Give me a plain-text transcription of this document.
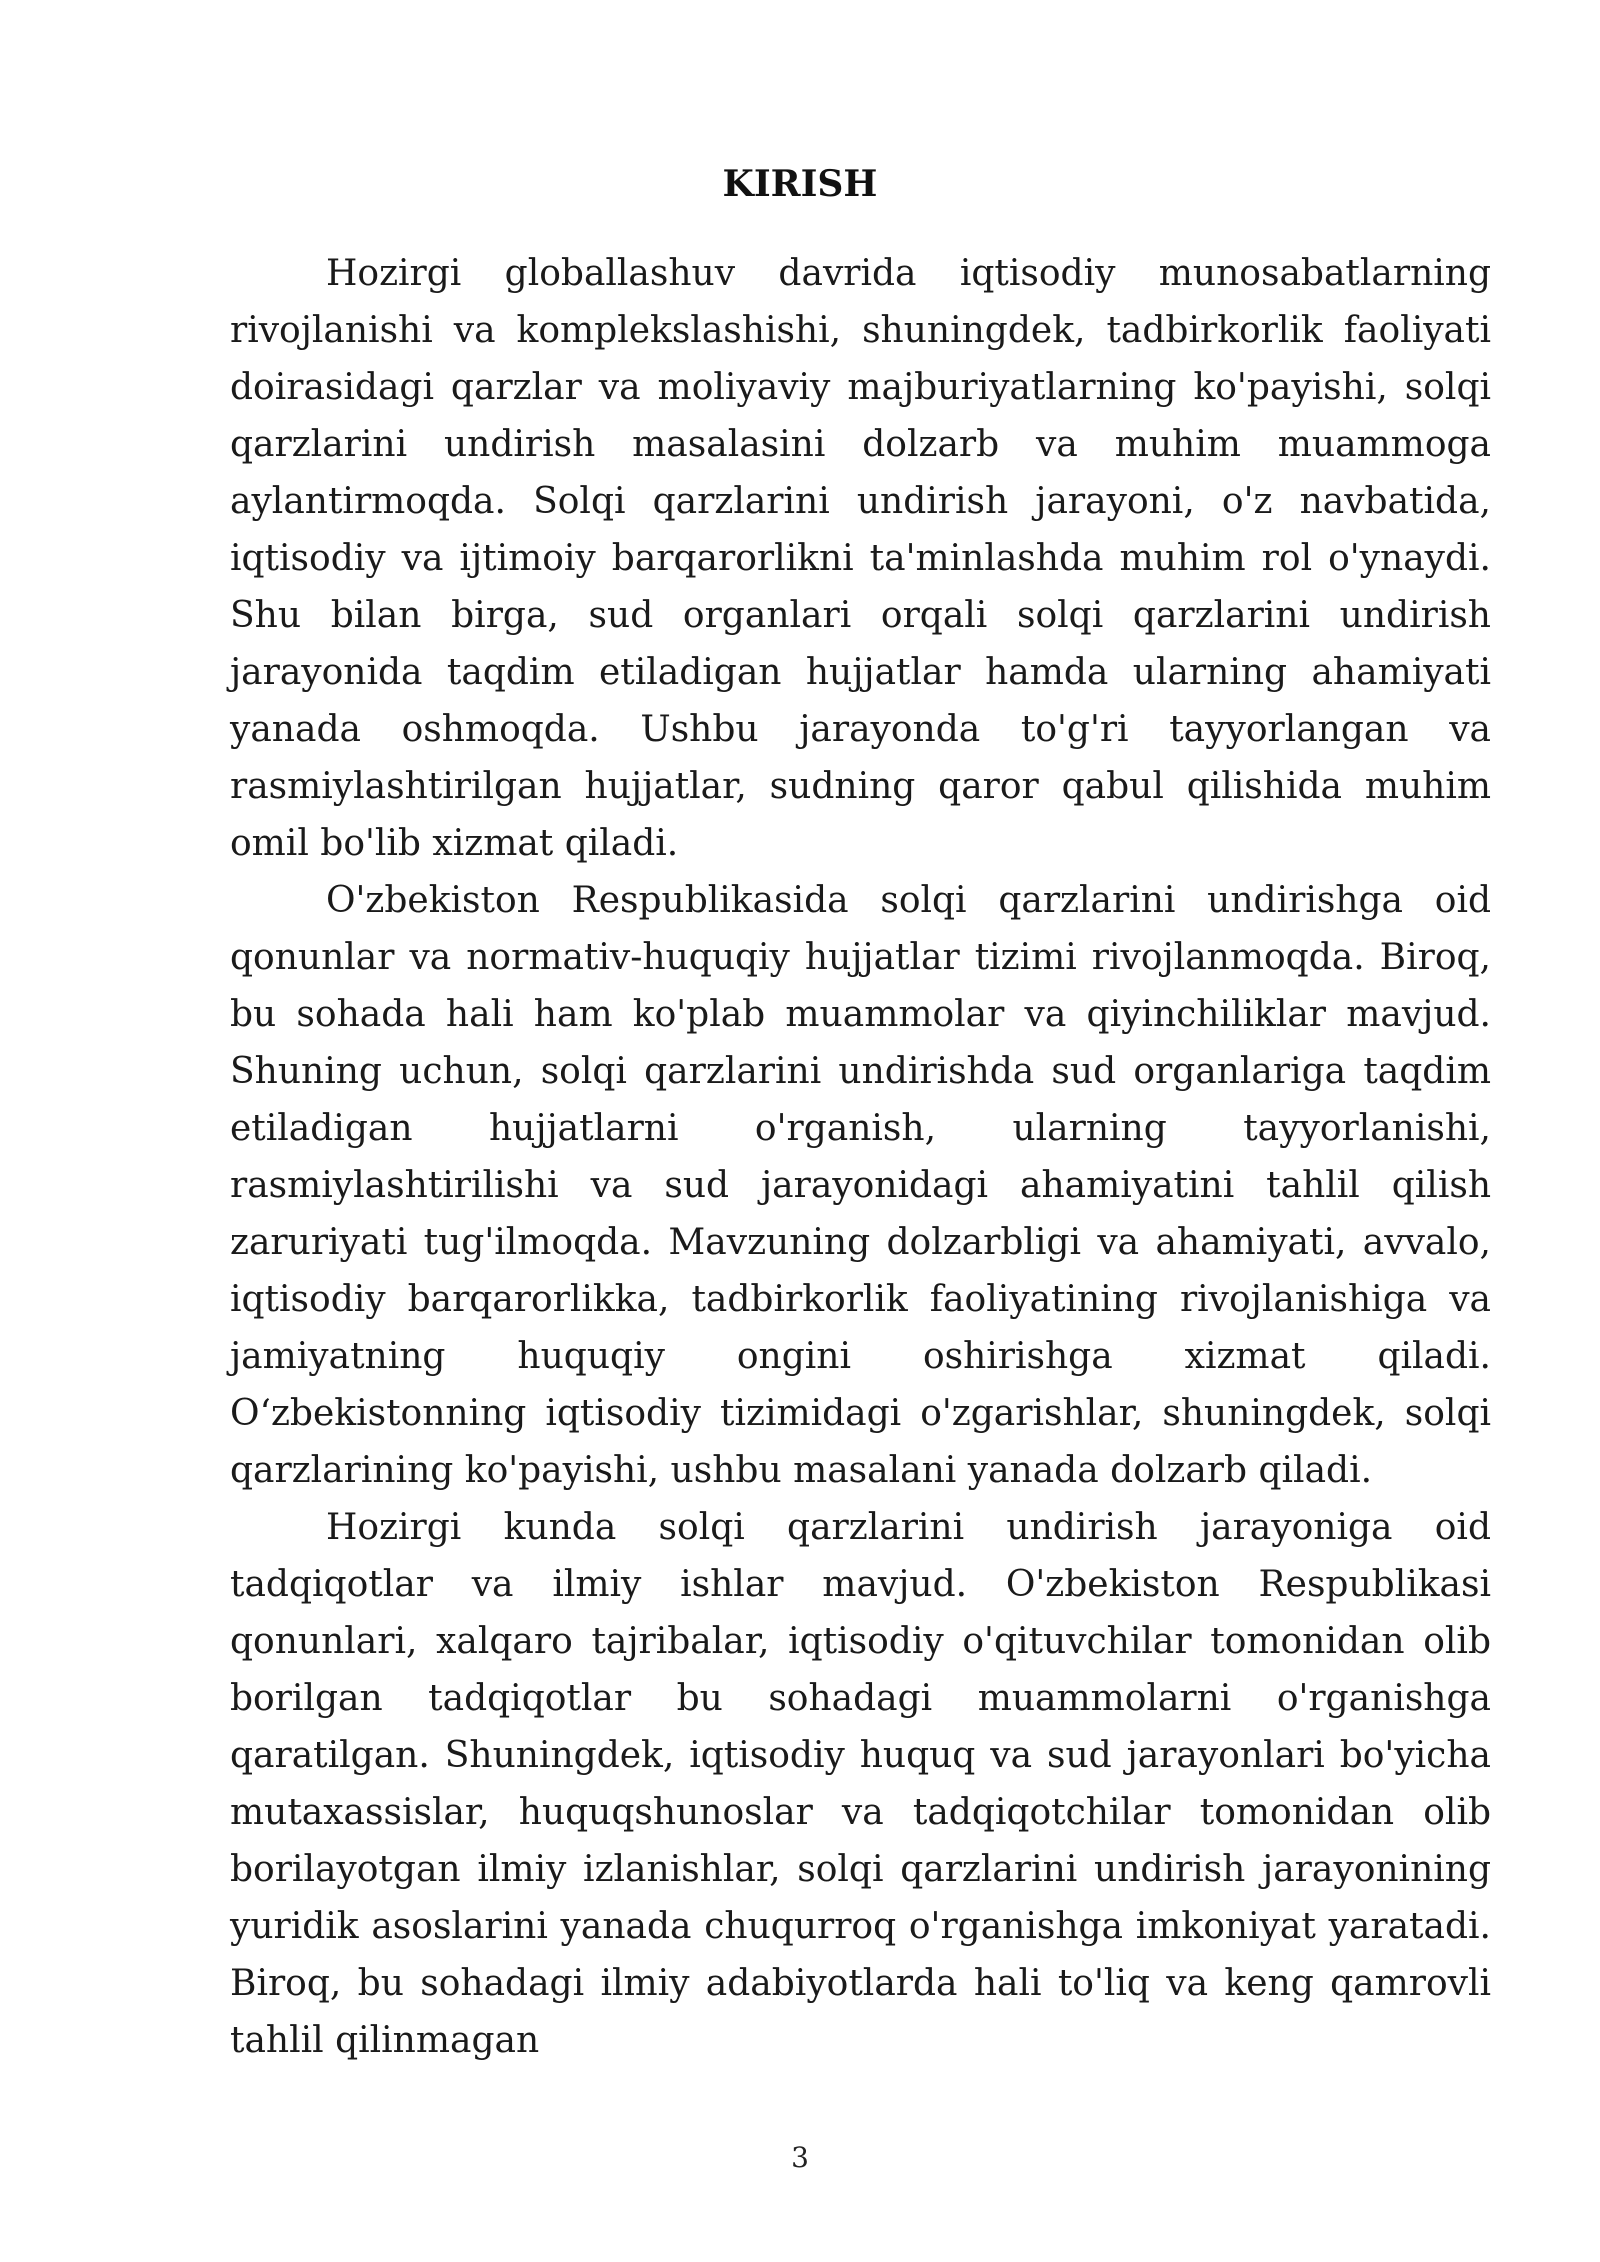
KIRISH

Hozirgi globallashuv davrida iqtisodiy munosabatlarning rivojlanishi va komplekslashishi, shuningdek, tadbirkorlik faoliyati doirasidagi qarzlar va moliyaviy majburiyatlarning ko'payishi, solqi qarzlarini undirish masalasini dolzarb va muhim muammoga aylantirmoqda. Solqi qarzlarini undirish jarayoni, o'z navbatida, iqtisodiy va ijtimoiy barqarorlikni ta'minlashda muhim rol o'ynaydi. Shu bilan birga, sud organlari orqali solqi qarzlarini undirish jarayonida taqdim etiladigan hujjatlar hamda ularning ahamiyati yanada oshmoqda. Ushbu jarayonda to'g'ri tayyorlangan va rasmiylashtirilgan hujjatlar, sudning qaror qabul qilishida muhim omil bo'lib xizmat qiladi.

O'zbekiston Respublikasida solqi qarzlarini undirishga oid qonunlar va normativ-huquqiy hujjatlar tizimi rivojlanmoqda. Biroq, bu sohada hali ham ko'plab muammolar va qiyinchiliklar mavjud. Shuning uchun, solqi qarzlarini undirishda sud organlariga taqdim etiladigan hujjatlarni o'rganish, ularning tayyorlanishi, rasmiylashtirilishi va sud jarayonidagi ahamiyatini tahlil qilish zaruriyati tug'ilmoqda. Mavzuning dolzarbligi va ahamiyati, avvalo, iqtisodiy barqarorlikka, tadbirkorlik faoliyatining rivojlanishiga va jamiyatning huquqiy ongini oshirishga xizmat qiladi. O‘zbekistonning iqtisodiy tizimidagi o'zgarishlar, shuningdek, solqi qarzlarining ko'payishi, ushbu masalani yanada dolzarb qiladi.

Hozirgi kunda solqi qarzlarini undirish jarayoniga oid tadqiqotlar va ilmiy ishlar mavjud. O'zbekiston Respublikasi qonunlari, xalqaro tajribalar, iqtisodiy o'qituvchilar tomonidan olib borilgan tadqiqotlar bu sohadagi muammolarni o'rganishga qaratilgan. Shuningdek, iqtisodiy huquq va sud jarayonlari bo'yicha mutaxassislar, huquqshunoslar va tadqiqotchilar tomonidan olib borilayotgan ilmiy izlanishlar, solqi qarzlarini undirish jarayonining yuridik asoslarini yanada chuqurroq o'rganishga imkoniyat yaratadi. Biroq, bu sohadagi ilmiy adabiyotlarda hali to'liq va keng qamrovli tahlil qilinmagan

3
